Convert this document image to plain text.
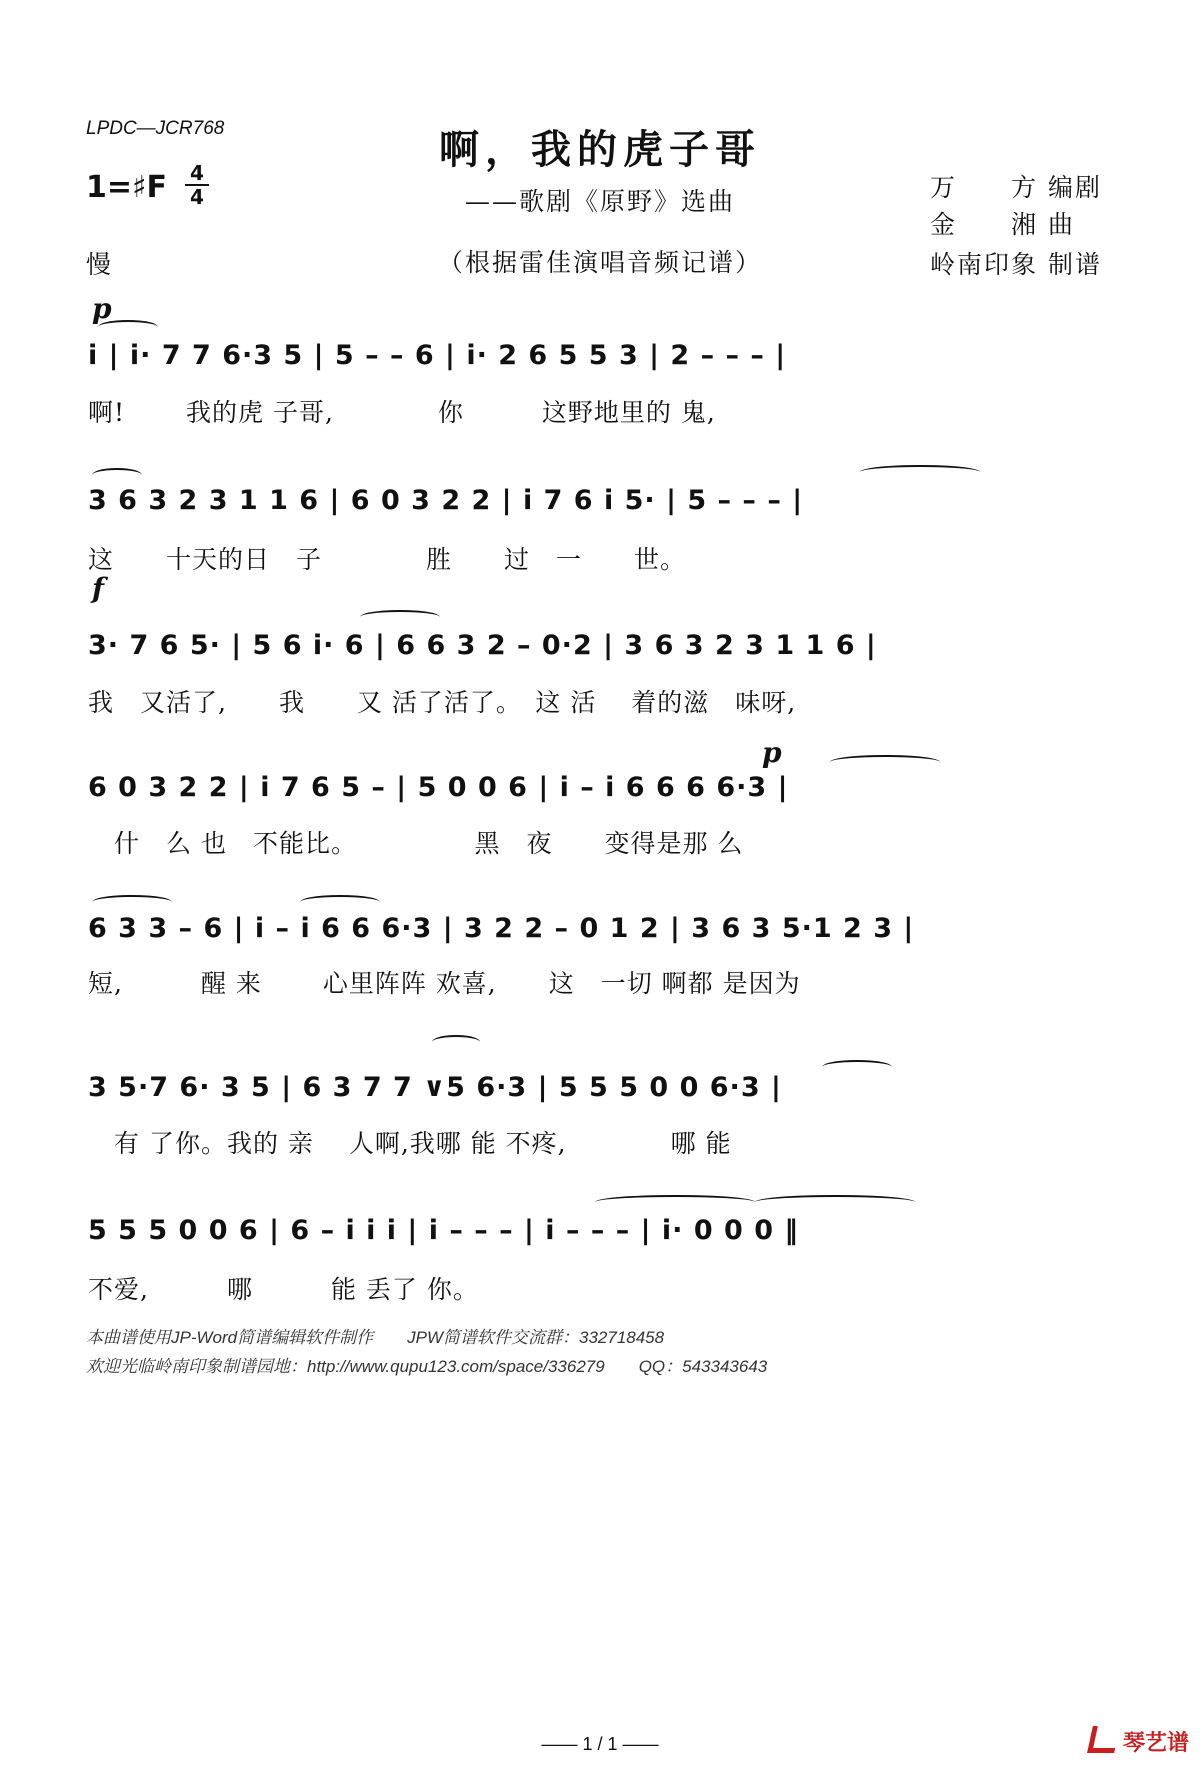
LPDC—JCR768	啊，我的虎子哥
——歌剧《原野》选曲
（根据雷佳演唱音频记谱）
万　　方 编剧
金　　湘 曲
岭南印象 制谱
1=♯F 4
4
慢
p
i | i· 7 7 6·3 5 | 5 – – 6 | i· 2 6 5 5 3 | 2 – – – |
啊!　　 我的虎 子哥,　　　　你　　　这野地里的 鬼,
3 6 3 2 3 1 1 6 | 6 0 3 2 2 | i 7 6 i 5· | 5 – – – |
这　　十天的日　子　　　　胜　　过　一　　世。
f
3· 7 6 5· | 5 6 i· 6 | 6 6 3 2 – 0·2 | 3 6 3 2 3 1 1 6 |
我　又活了,　　我　　又 活了活了。　这 活　 着的滋　味呀,
p
6 0 3 2 2 | i 7 6 5 – | 5 0 0 6 | i – i 6 6 6 6·3 |
　什　么 也　不能比。　　　　　黑　夜　　变得是那 么
6 3 3 – 6 | i – i 6 6 6·3 | 3 2 2 – 0 1 2 | 3 6 3 5·1 2 3 |
短,　　　醒 来　　 心里阵阵 欢喜,　　这　一切 啊都 是因为
3 5·7 6· 3 5 | 6 3 7 7 ∨5 6·3 | 5 5 5 0 0 6·3 |
　有 了你。我的 亲　 人啊,我哪 能 不疼,　　　　哪 能
5 5 5 0 0 6 | 6 – i i i | i – – – | i – – – | i· 0 0 0 ‖
不爱,　　　哪　　　能 丢了 你。
本曲谱使用JP-Word简谱编辑软件制作　　JPW简谱软件交流群：332718458
欢迎光临岭南印象制谱园地：http://www.qupu123.com/space/336279　　QQ：543343643
—— 1 / 1 ——	琴艺谱
